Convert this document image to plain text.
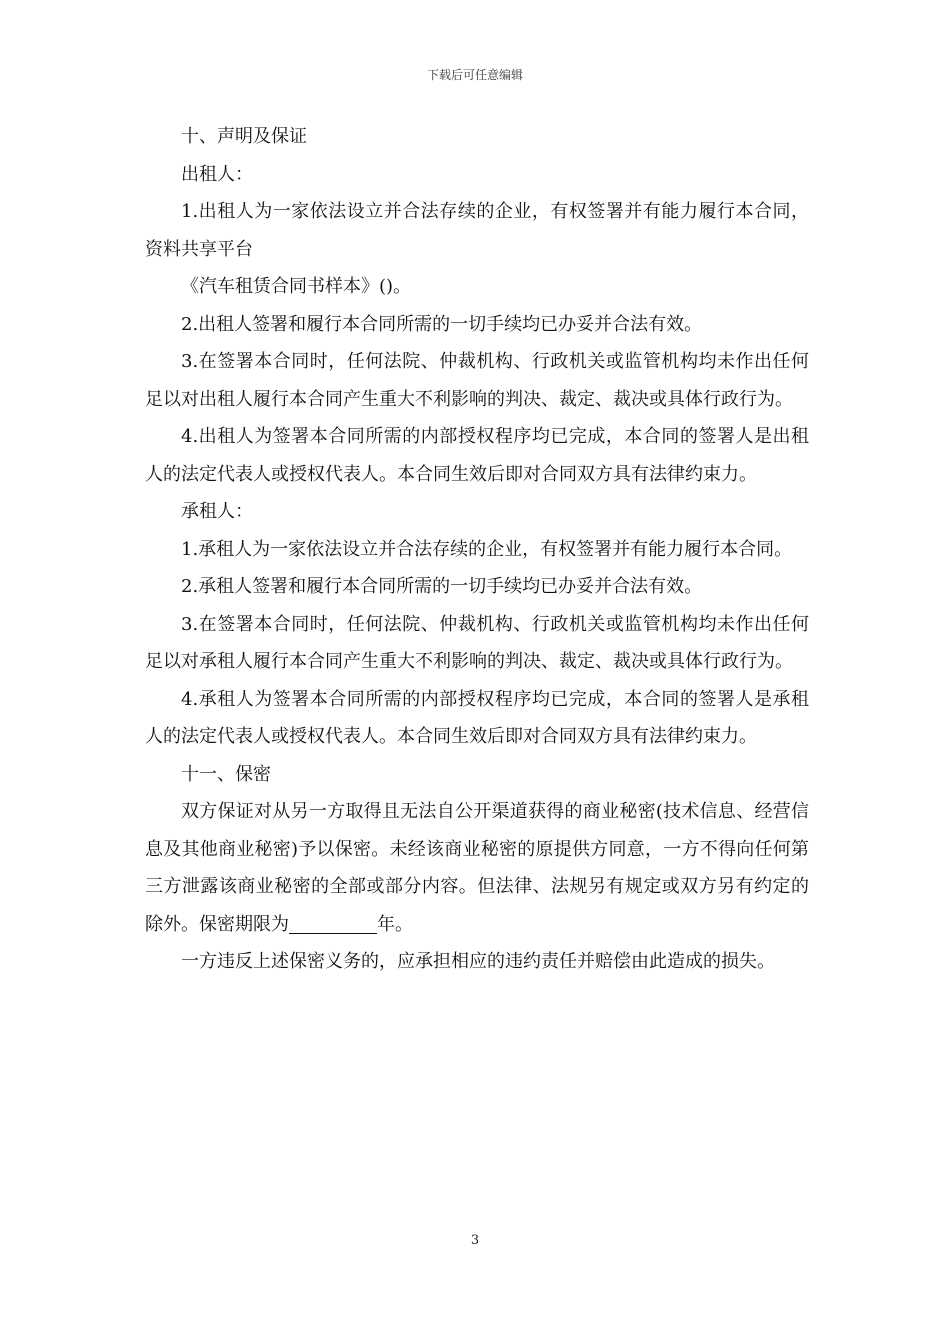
下载后可任意编辑

十、声明及保证

出租人：

1.出租人为一家依法设立并合法存续的企业，有权签署并有能力履行本合同，资料共享平台

《汽车租赁合同书样本》()。

2.出租人签署和履行本合同所需的一切手续均已办妥并合法有效。

3.在签署本合同时，任何法院、仲裁机构、行政机关或监管机构均未作出任何足以对出租人履行本合同产生重大不利影响的判决、裁定、裁决或具体行政行为。

4.出租人为签署本合同所需的内部授权程序均已完成，本合同的签署人是出租人的法定代表人或授权代表人。本合同生效后即对合同双方具有法律约束力。

承租人：

1.承租人为一家依法设立并合法存续的企业，有权签署并有能力履行本合同。

2.承租人签署和履行本合同所需的一切手续均已办妥并合法有效。

3.在签署本合同时，任何法院、仲裁机构、行政机关或监管机构均未作出任何足以对承租人履行本合同产生重大不利影响的判决、裁定、裁决或具体行政行为。

4.承租人为签署本合同所需的内部授权程序均已完成，本合同的签署人是承租人的法定代表人或授权代表人。本合同生效后即对合同双方具有法律约束力。

十一、保密

双方保证对从另一方取得且无法自公开渠道获得的商业秘密(技术信息、经营信息及其他商业秘密)予以保密。未经该商业秘密的原提供方同意，一方不得向任何第三方泄露该商业秘密的全部或部分内容。但法律、法规另有规定或双方另有约定的除外。保密期限为	年。

一方违反上述保密义务的，应承担相应的违约责任并赔偿由此造成的损失。

3
